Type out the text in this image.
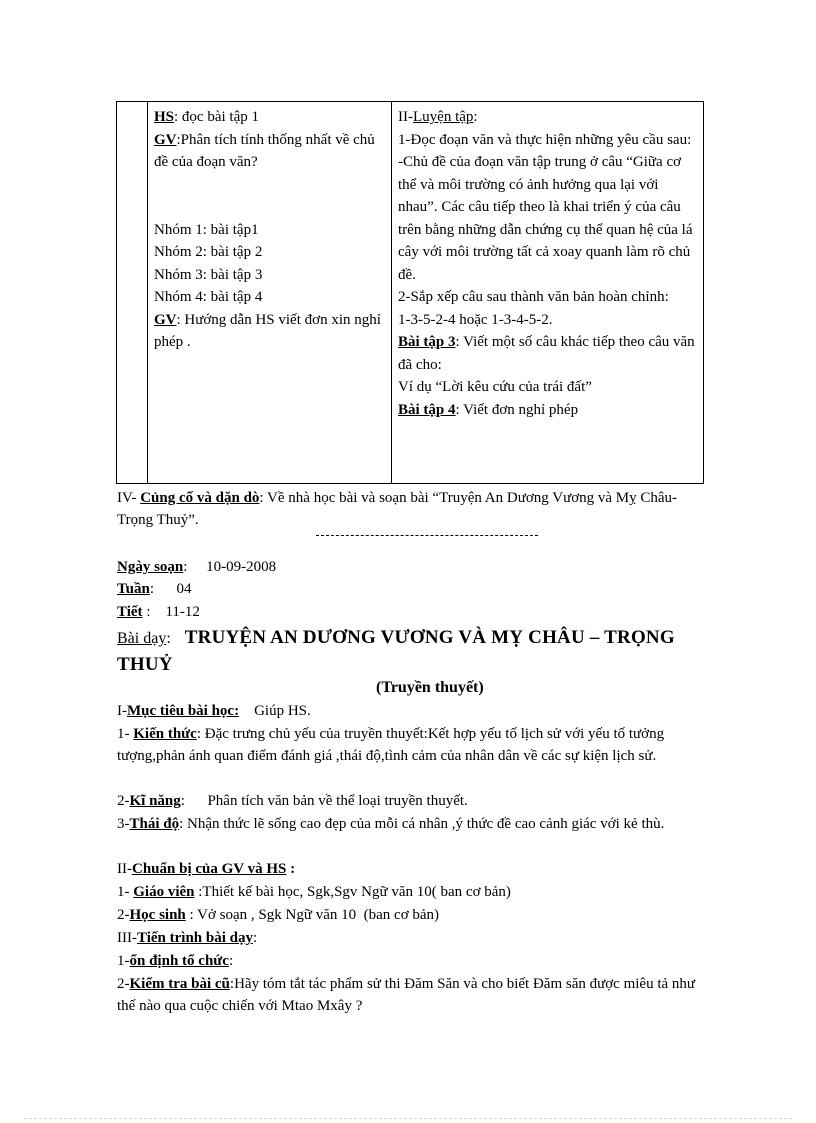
HS: đọc bài tập 1
GV:Phân tích tính thống nhất về chủ đề của đoạn văn?
Nhóm 1: bài tập1
Nhóm 2: bài tập 2
Nhóm 3: bài tập 3
Nhóm 4: bài tập 4
GV: Hướng dẫn HS viết đơn xin nghỉ phép .

II-Luyện tập:
1-Đọc đoạn văn và thực hiện những yêu cầu sau:
-Chủ đề của đoạn văn tập trung ở câu “Giữa cơ thể và môi trường có ảnh hưởng qua lại với nhau”. Các câu tiếp theo là khai triển ý của câu trên bằng những dẫn chứng cụ thể quan hệ của lá cây với môi trường tất cả xoay quanh làm rõ chủ đề.
2-Sắp xếp câu sau thành văn bản hoàn chỉnh:
1-3-5-2-4 hoặc 1-3-4-5-2.
Bài tập 3: Viết một số câu khác tiếp theo câu văn đã cho:
Ví dụ “Lời kêu cứu của trái đất”
Bài tập 4: Viết đơn nghỉ phép
IV- Củng cố và dặn dò: Về nhà học bài và soạn bài “Truyện An Dương Vương và Mỵ Châu-Trọng Thuỷ”.
Ngày soạn:     10-09-2008
Tuần:      04
Tiết :    11-12
Bài dạy: TRUYỆN AN DƯƠNG VƯƠNG VÀ MỴ CHÂU – TRỌNG THUỶ
(Truyền thuyết)
I-Mục tiêu bài học:    Giúp HS.
1- Kiến thức: Đặc trưng chủ yếu của truyền thuyết:Kết hợp yếu tố lịch sử với yếu tố tưởng tượng,phản ánh quan điểm đánh giá ,thái độ,tình cảm của nhân dân về các sự kiện lịch sử.
2-Kĩ năng:      Phân tích văn bản về thể loại truyền thuyết.
3-Thái độ: Nhận thức lẽ sống cao đẹp của mỗi cá nhân ,ý thức đề cao cảnh giác với kẻ thù.
II-Chuẩn bị của GV và HS :
1- Giáo viên :Thiết kế bài học, Sgk,Sgv Ngữ văn 10( ban cơ bản)
2-Học sinh : Vở soạn , Sgk Ngữ văn 10  (ban cơ bản)
III-Tiến trình bài dạy:
1-ổn định tổ chức:
2-Kiểm tra bài cũ:Hãy tóm tắt tác phẩm sử thi Đăm Săn và cho biết Đăm săn được miêu tả như thế nào qua cuộc chiến với Mtao Mxây ?
